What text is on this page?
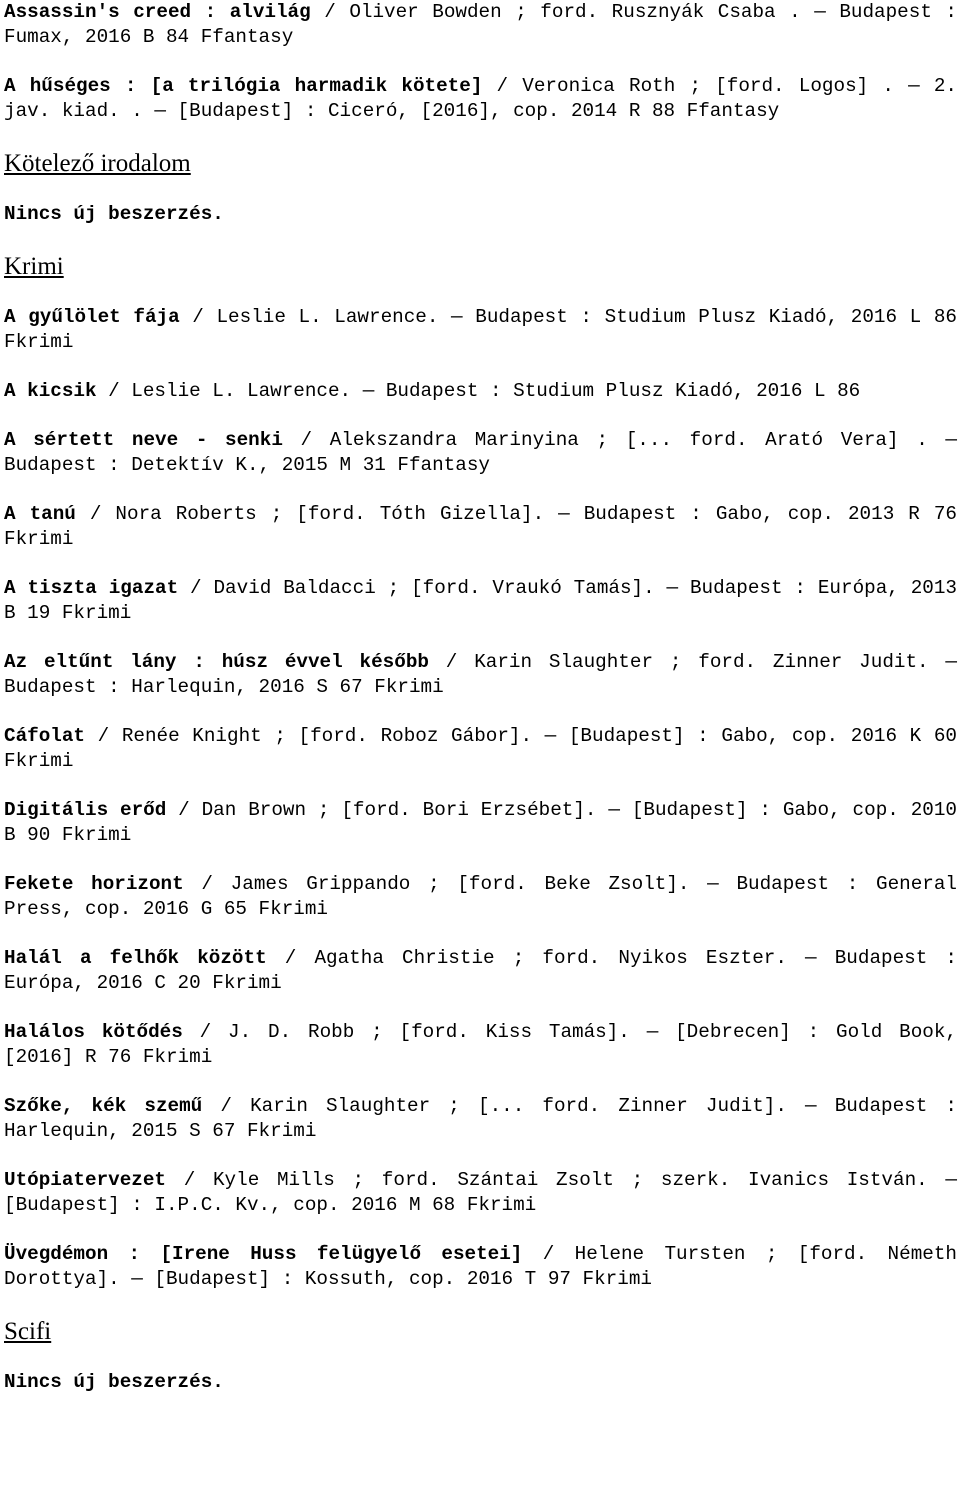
Assassin's creed : alvilág / Oliver Bowden ; ford. Rusznyák Csaba . ― Budapest : Fumax, 2016 B 84 Ffantasy

A hűséges : [a trilógia harmadik kötete] / Veronica Roth ; [ford. Logos] . ― 2. jav. kiad. . ― [Budapest] : Ciceró, [2016], cop. 2014 R 88 Ffantasy

Kötelező irodalom
Nincs új beszerzés.
Krimi

A gyűlölet fája / Leslie L. Lawrence. ― Budapest : Studium Plusz Kiadó, 2016 L 86 Fkrimi

A kicsik / Leslie L. Lawrence. ― Budapest : Studium Plusz Kiadó, 2016 L 86

A sértett neve - senki / Alekszandra Marinyina ; [... ford. Arató Vera] . ― Budapest : Detektív K., 2015 M 31 Ffantasy

A tanú / Nora Roberts ; [ford. Tóth Gizella]. ― Budapest : Gabo, cop. 2013 R 76 Fkrimi

A tiszta igazat / David Baldacci ; [ford. Vraukó Tamás]. ― Budapest : Európa, 2013 B 19 Fkrimi

Az eltűnt lány : húsz évvel később / Karin Slaughter ; ford. Zinner Judit. ― Budapest : Harlequin, 2016 S 67 Fkrimi

Cáfolat / Renée Knight ; [ford. Roboz Gábor]. ― [Budapest] : Gabo, cop. 2016 K 60 Fkrimi

Digitális erőd / Dan Brown ; [ford. Bori Erzsébet]. ― [Budapest] : Gabo, cop. 2010 B 90 Fkrimi

Fekete horizont / James Grippando ; [ford. Beke Zsolt]. ― Budapest : General Press, cop. 2016 G 65 Fkrimi

Halál a felhők között / Agatha Christie ; ford. Nyikos Eszter. ― Budapest : Európa, 2016 C 20 Fkrimi

Halálos kötődés / J. D. Robb ; [ford. Kiss Tamás]. ― [Debrecen] : Gold Book, [2016] R 76 Fkrimi

Szőke, kék szemű / Karin Slaughter ; [... ford. Zinner Judit]. ― Budapest : Harlequin, 2015 S 67 Fkrimi

Utópiatervezet / Kyle Mills ; ford. Szántai Zsolt ; szerk. Ivanics István. ― [Budapest] : I.P.C. Kv., cop. 2016 M 68 Fkrimi

Üvegdémon : [Irene Huss felügyelő esetei] / Helene Tursten ; [ford. Németh Dorottya]. ― [Budapest] : Kossuth, cop. 2016 T 97 Fkrimi

Scifi
Nincs új beszerzés.
